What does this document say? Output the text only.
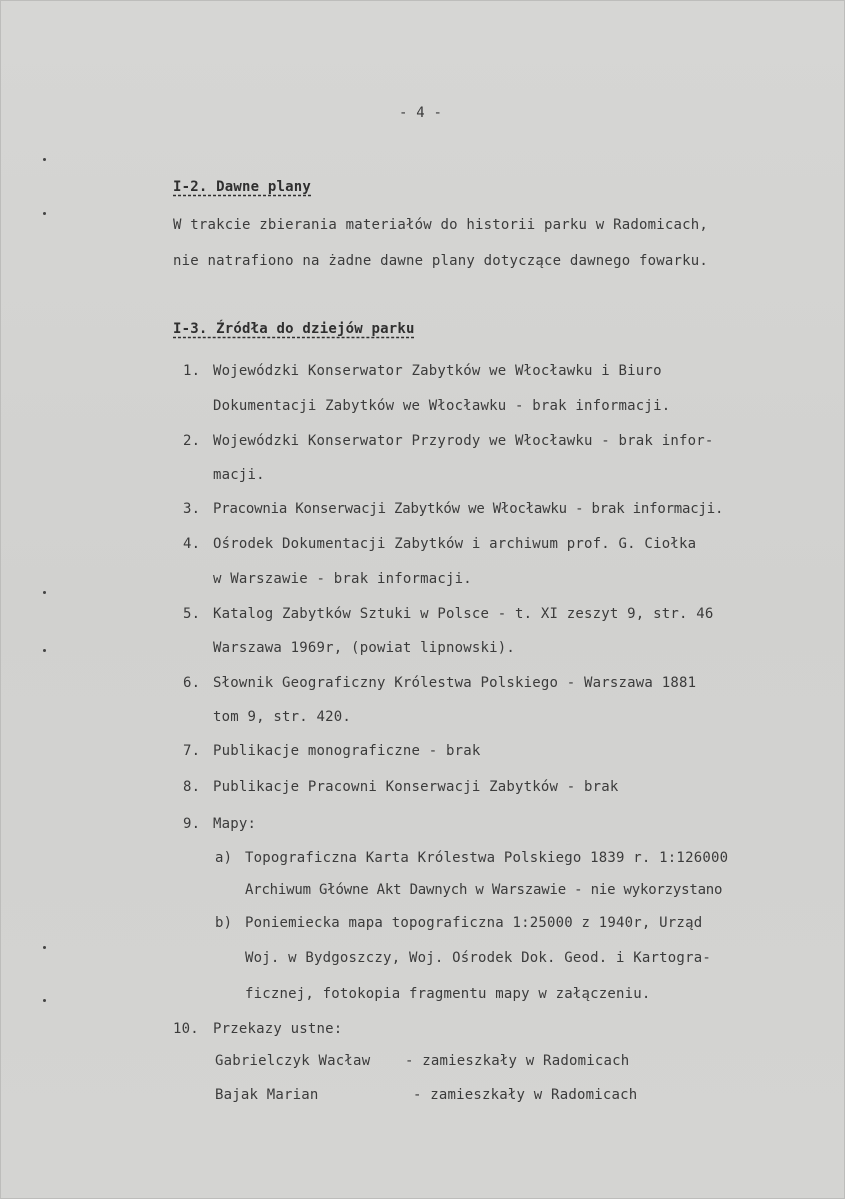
- 4 -
I-2. Dawne plany
W trakcie zbierania materiałów do historii parku w Radomicach,
nie natrafiono na żadne dawne plany dotyczące dawnego fowarku.
I-3. Źródła do dziejów parku
1. Wojewódzki Konserwator Zabytków we Włocławku i Biuro
Dokumentacji Zabytków we Włocławku - brak informacji.
2. Wojewódzki Konserwator Przyrody we Włocławku - brak infor-
macji.
3. Pracownia Konserwacji Zabytków we Włocławku - brak informacji.
4. Ośrodek Dokumentacji Zabytków i archiwum prof. G. Ciołka
w Warszawie - brak informacji.
5. Katalog Zabytków Sztuki w Polsce - t. XI zeszyt 9, str. 46
Warszawa 1969r, (powiat lipnowski).
6. Słownik Geograficzny Królestwa Polskiego - Warszawa 1881
tom 9, str. 420.
7. Publikacje monograficzne - brak
8. Publikacje Pracowni Konserwacji Zabytków - brak
9. Mapy:
a) Topograficzna Karta Królestwa Polskiego 1839 r. 1:126000
Archiwum Główne Akt Dawnych w Warszawie - nie wykorzystano
b) Poniemiecka mapa topograficzna 1:25000 z 1940r, Urząd
Woj. w Bydgoszczy, Woj. Ośrodek Dok. Geod. i Kartogra-
ficznej, fotokopia fragmentu mapy w załączeniu.
10. Przekazy ustne:
Gabrielczyk Wacław - zamieszkały w Radomicach
Bajak Marian	- zamieszkały w Radomicach
